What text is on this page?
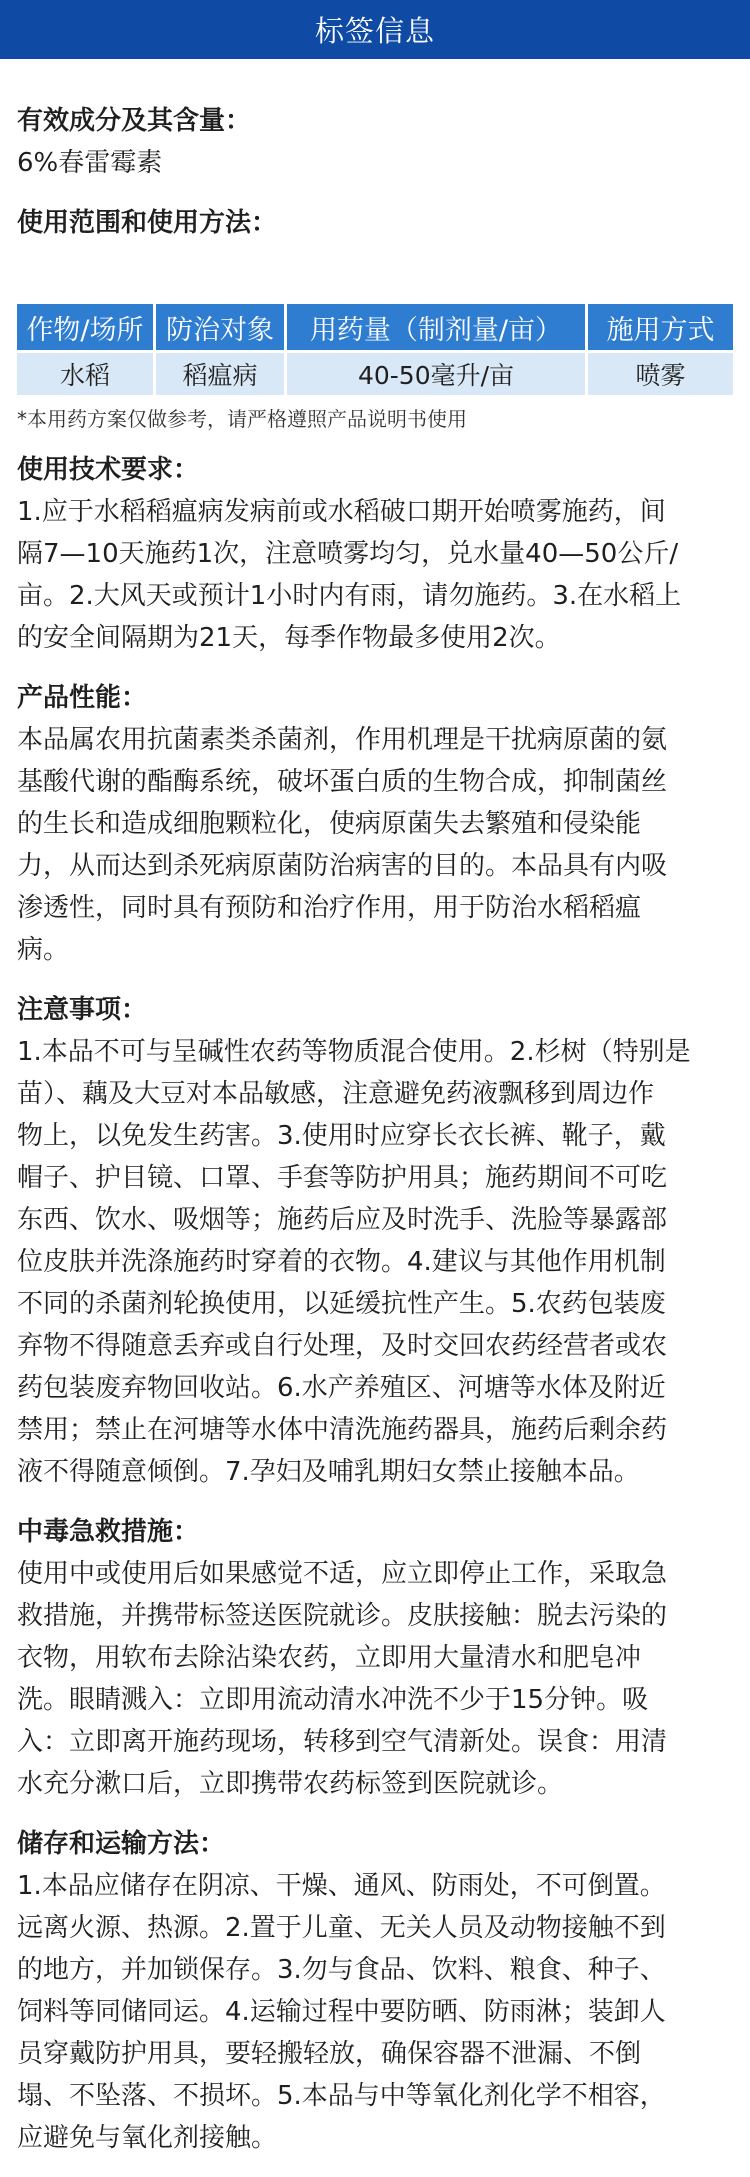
标签信息

有效成分及其含量：

6%春雷霉素

使用范围和使用方法：

作物/场所	防治对象	用药量（制剂量/亩）	施用方式
水稻	稻瘟病	40-50毫升/亩	喷雾
*本用药方案仅做参考，请严格遵照产品说明书使用

使用技术要求：

1.应于水稻稻瘟病发病前或水稻破口期开始喷雾施药，间

隔7—10天施药1次，注意喷雾均匀，兑水量40—50公斤/

亩。2.大风天或预计1小时内有雨，请勿施药。3.在水稻上

的安全间隔期为21天，每季作物最多使用2次。

产品性能：

本品属农用抗菌素类杀菌剂，作用机理是干扰病原菌的氨

基酸代谢的酯酶系统，破坏蛋白质的生物合成，抑制菌丝

的生长和造成细胞颗粒化，使病原菌失去繁殖和侵染能

力，从而达到杀死病原菌防治病害的目的。本品具有内吸

渗透性，同时具有预防和治疗作用，用于防治水稻稻瘟

病。

注意事项：

1.本品不可与呈碱性农药等物质混合使用。2.杉树（特别是

苗）、藕及大豆对本品敏感，注意避免药液飘移到周边作

物上，以免发生药害。3.使用时应穿长衣长裤、靴子，戴

帽子、护目镜、口罩、手套等防护用具；施药期间不可吃

东西、饮水、吸烟等；施药后应及时洗手、洗脸等暴露部

位皮肤并洗涤施药时穿着的衣物。4.建议与其他作用机制

不同的杀菌剂轮换使用，以延缓抗性产生。5.农药包装废

弃物不得随意丢弃或自行处理，及时交回农药经营者或农

药包装废弃物回收站。6.水产养殖区、河塘等水体及附近

禁用；禁止在河塘等水体中清洗施药器具，施药后剩余药

液不得随意倾倒。7.孕妇及哺乳期妇女禁止接触本品。

中毒急救措施：

使用中或使用后如果感觉不适，应立即停止工作，采取急

救措施，并携带标签送医院就诊。皮肤接触：脱去污染的

衣物，用软布去除沾染农药，立即用大量清水和肥皂冲

洗。眼睛溅入：立即用流动清水冲洗不少于15分钟。吸

入：立即离开施药现场，转移到空气清新处。误食：用清

水充分漱口后，立即携带农药标签到医院就诊。

储存和运输方法：

1.本品应储存在阴凉、干燥、通风、防雨处，不可倒置。

远离火源、热源。2.置于儿童、无关人员及动物接触不到

的地方，并加锁保存。3.勿与食品、饮料、粮食、种子、

饲料等同储同运。4.运输过程中要防晒、防雨淋；装卸人

员穿戴防护用具，要轻搬轻放，确保容器不泄漏、不倒

塌、不坠落、不损坏。5.本品与中等氧化剂化学不相容，

应避免与氧化剂接触。
